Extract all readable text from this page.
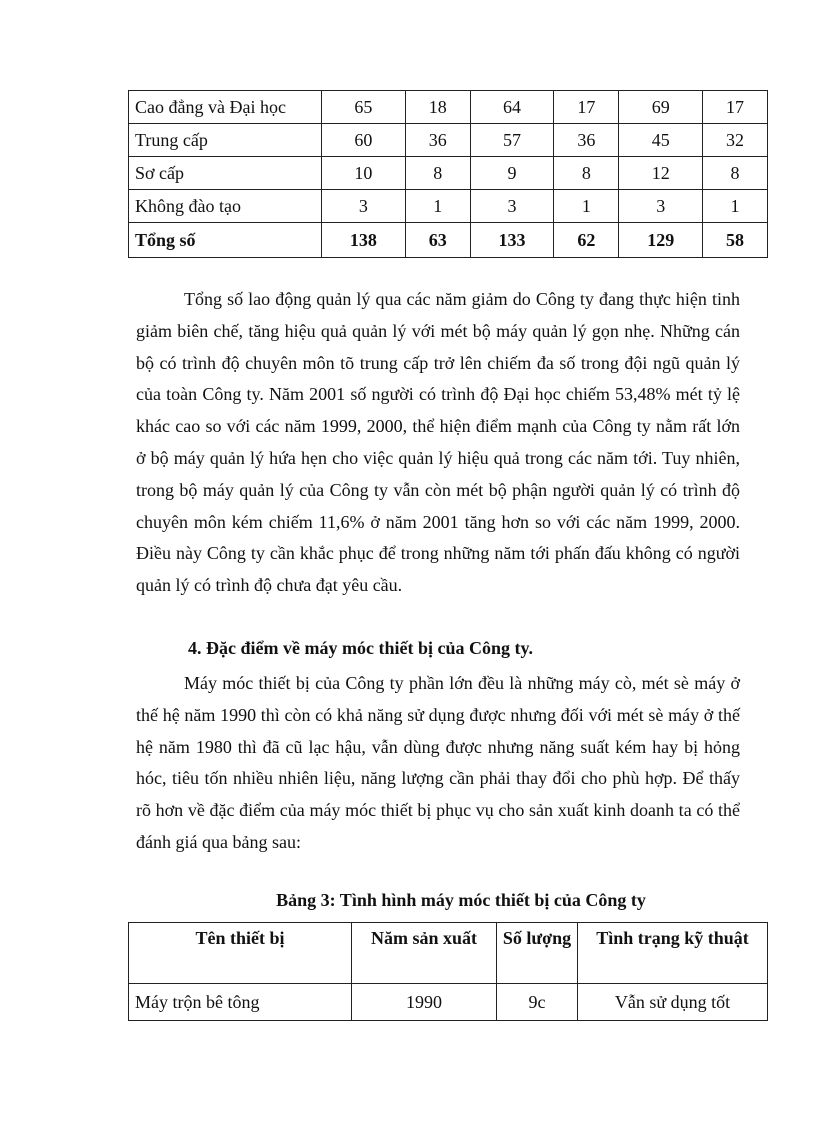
Cao đẳng và Đại học	65	18	64	17	69	17
Trung cấp	60	36	57	36	45	32
Sơ cấp	10	8	9	8	12	8
Không đào tạo	3	1	3	1	3	1
Tổng số	138	63	133	62	129	58

Tổng số lao động quản lý qua các năm giảm do Công ty đang thực hiện tinh giảm biên chế, tăng hiệu quả quản lý với mét bộ máy quản lý gọn nhẹ. Những cán bộ có trình độ chuyên môn tõ trung cấp trở lên chiếm đa số trong đội ngũ quản lý của toàn Công ty. Năm 2001 số người có trình độ Đại học chiếm 53,48% mét tỷ lệ khác cao so với các năm 1999, 2000, thể hiện điểm mạnh của Công ty nằm rất lớn ở bộ máy quản lý hứa hẹn cho việc quản lý hiệu quả trong các năm tới. Tuy nhiên, trong bộ máy quản lý của Công ty vẫn còn mét bộ phận người quản lý có trình độ chuyên môn kém chiếm 11,6% ở năm 2001 tăng hơn so với các năm 1999, 2000. Điều này Công ty cần khắc phục để trong những năm tới phấn đấu không có người quản lý có trình độ chưa đạt yêu cầu.

4. Đặc điểm về máy móc thiết bị của Công ty.

Máy móc thiết bị của Công ty phần lớn đều là những máy cò, mét sè máy ở thế hệ năm 1990 thì còn có khả năng sử dụng được nhưng đối với mét sè máy ở thế hệ năm 1980 thì đã cũ lạc hậu, vẫn dùng được nhưng năng suất kém hay bị hỏng hóc, tiêu tốn nhiều nhiên liệu, năng lượng cần phải thay đổi cho phù hợp. Để thấy rõ hơn về đặc điểm của máy móc thiết bị phục vụ cho sản xuất kinh doanh ta có thể đánh giá qua bảng sau:

Bảng 3: Tình hình máy móc thiết bị của Công ty

Tên thiết bị	Năm sản xuất	Số lượng	Tình trạng kỹ thuật
Máy trộn bê tông	1990	9c	Vẫn sử dụng tốt
